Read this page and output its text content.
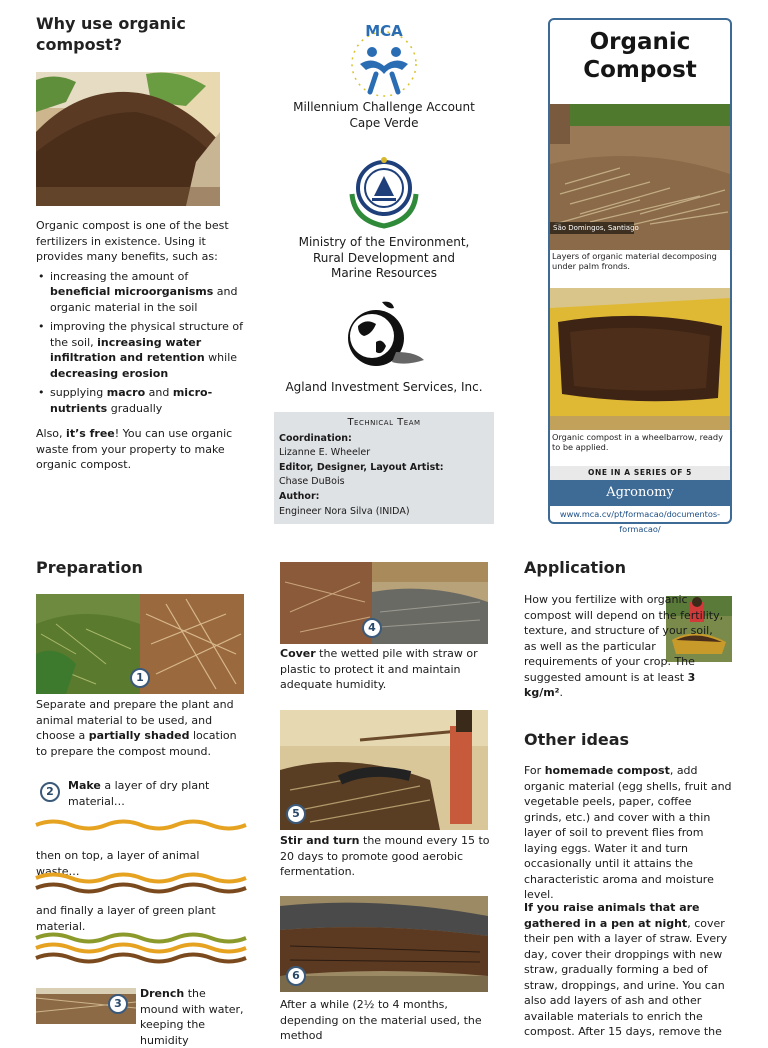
Why use organic compost?

Organic compost is one of the best fertilizers in existence. Using it provides many benefits, such as:

• increasing the amount of beneficial microorganisms and organic material in the soil
• improving the physical structure of the soil, increasing water infiltration and retention while decreasing erosion
• supplying macro and micro-nutrients gradually

Also, it’s free! You can use organic waste from your property to make organic compost.

MCA

Millennium Challenge Account
Cape Verde

Ministry of the Environment,
Rural Development and
Marine Resources

Agland Investment Services, Inc.

Technical Team

Coordination:

Lizanne E. Wheeler

Editor, Designer, Layout Artist:

Chase DuBois

Author:

Engineer Nora Silva (INIDA)

Organic
Compost
São Domingos, Santiago

Layers of organic material decomposing under palm fronds.

Organic compost in a wheelbarrow, ready to be applied.

ONE IN A SERIES OF 5
Agronomy
www.mca.cv/pt/formacao/documentos-formacao/
Preparation
1

Separate and prepare the plant and animal material to be used, and choose a partially shaded location to prepare the compost mound.

2	Make a layer of dry plant material…

then on top, a layer of animal waste…

and finally a layer of green plant material.

3

Drench the mound with water, keeping the humidity

4

Cover the wetted pile with straw or plastic to protect it and maintain adequate humidity.

5

Stir and turn the mound every 15 to 20 days to promote good aerobic fermentation.

6

After a while (2½ to 4 months, depending on the material used, the method

Application

How you fertilize with organic compost will depend on the fertility, texture, and structure of your soil, as well as the particular requirements of your crop. The suggested amount is at least 3 kg/m².

Other ideas

For homemade compost, add organic material (egg shells, fruit and vegetable peels, paper, coffee grinds, etc.) and cover with a thin layer of soil to prevent flies from laying eggs. Water it and turn occasionally until it attains the characteristic aroma and moisture level.

If you raise animals that are gathered in a pen at night, cover their pen with a layer of straw. Every day, cover their droppings with new straw, gradually forming a bed of straw, droppings, and urine. You can also add layers of ash and other available materials to enrich the compost. After 15 days, remove the
